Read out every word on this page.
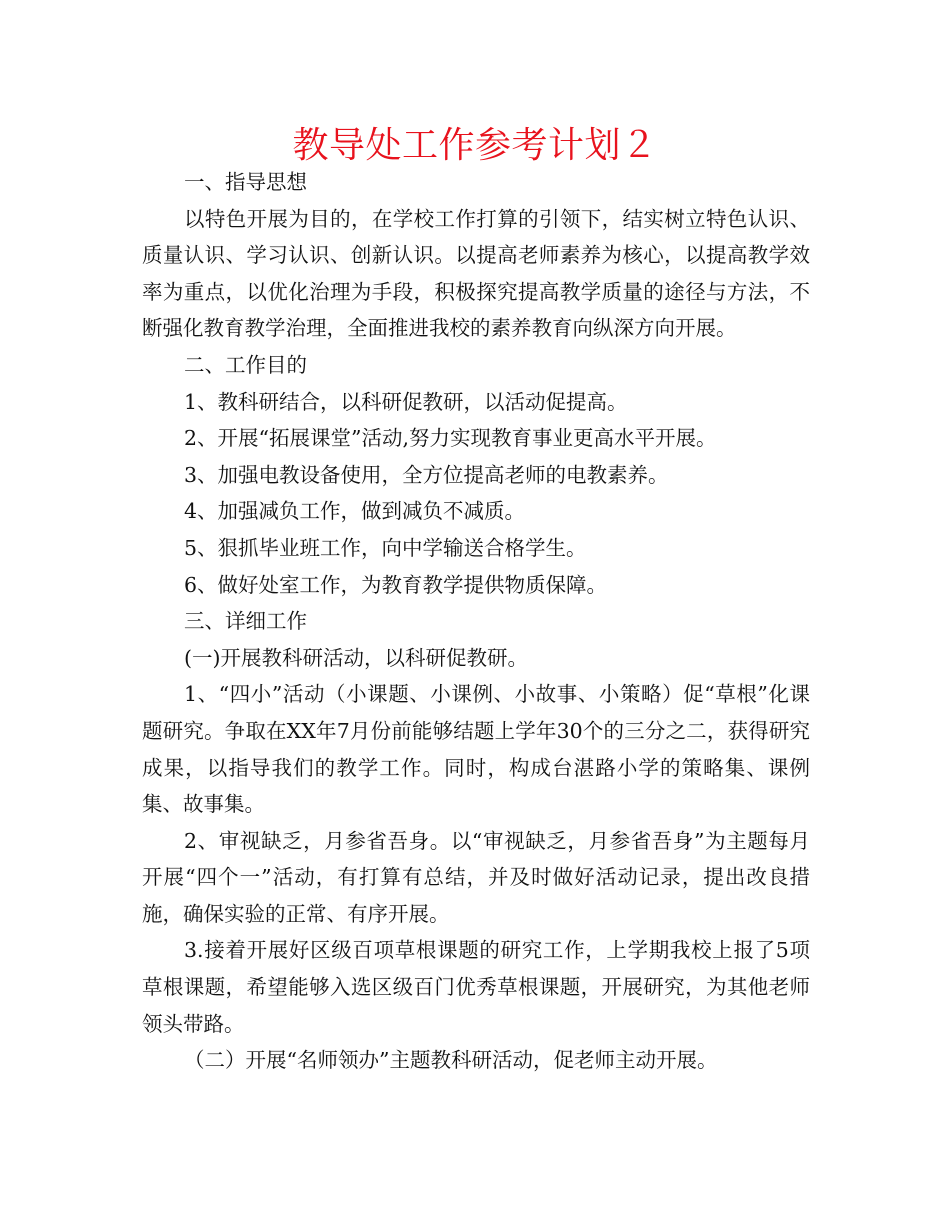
教导处工作参考计划２

一、指导思想

以特色开展为目的，在学校工作打算的引领下，结实树立特色认识、质量认识、学习认识、创新认识。以提高老师素养为核心，以提高教学效率为重点，以优化治理为手段，积极探究提高教学质量的途径与方法，不断强化教育教学治理，全面推进我校的素养教育向纵深方向开展。

二、工作目的

1、教科研结合，以科研促教研，以活动促提高。

2、开展“拓展课堂”活动,努力实现教育事业更高水平开展。

3、加强电教设备使用，全方位提高老师的电教素养。

4、加强减负工作，做到减负不减质。

5、狠抓毕业班工作，向中学输送合格学生。

6、做好处室工作，为教育教学提供物质保障。

三、详细工作

(一)开展教科研活动，以科研促教研。

1、“四小”活动（小课题、小课例、小故事、小策略）促“草根”化课题研究。争取在XX年7月份前能够结题上学年30个的三分之二，获得研究成果，以指导我们的教学工作。同时，构成台湛路小学的策略集、课例集、故事集。

2、审视缺乏，月参省吾身。以“审视缺乏，月参省吾身”为主题每月开展“四个一”活动，有打算有总结，并及时做好活动记录，提出改良措施，确保实验的正常、有序开展。

3.接着开展好区级百项草根课题的研究工作，上学期我校上报了5项草根课题，希望能够入选区级百门优秀草根课题，开展研究，为其他老师领头带路。

（二）开展“名师领办”主题教科研活动，促老师主动开展。
